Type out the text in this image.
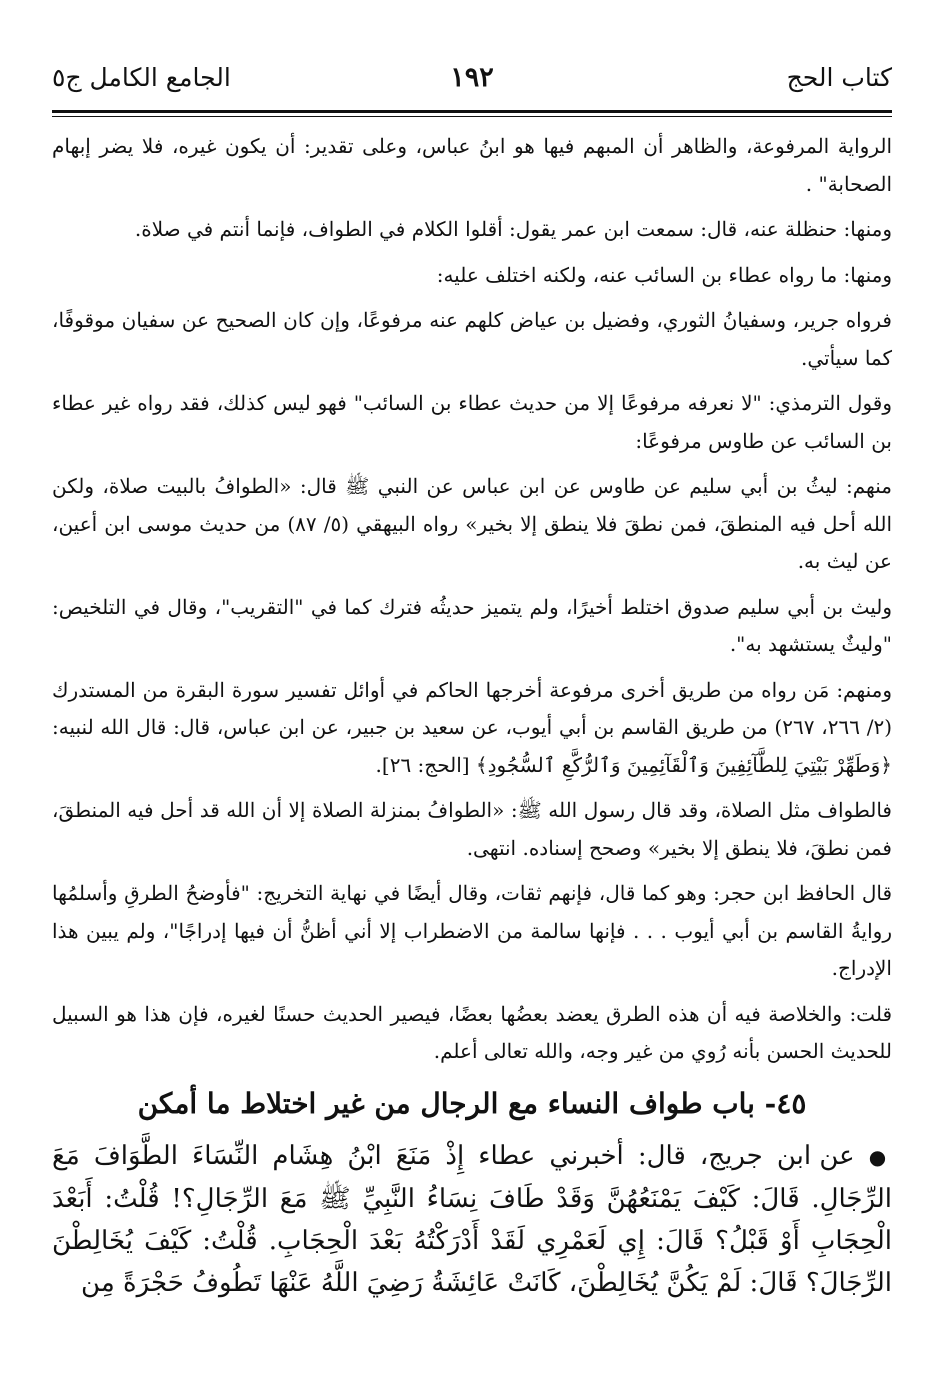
كتاب الحج
١٩٢
الجامع الكامل ج٥

الرواية المرفوعة، والظاهر أن المبهم فيها هو ابنُ عباس، وعلى تقدير: أن يكون غيره، فلا يضر إبهام الصحابة" .

ومنها: حنظلة عنه، قال: سمعت ابن عمر يقول: أقلوا الكلام في الطواف، فإنما أنتم في صلاة.

ومنها: ما رواه عطاء بن السائب عنه، ولكنه اختلف عليه:

فرواه جرير، وسفيانُ الثوري، وفضيل بن عياض كلهم عنه مرفوعًا، وإن كان الصحيح عن سفيان موقوفًا، كما سيأتي.

وقول الترمذي: "لا نعرفه مرفوعًا إلا من حديث عطاء بن السائب" فهو ليس كذلك، فقد رواه غير عطاء بن السائب عن طاوس مرفوعًا:

منهم: ليثُ بن أبي سليم عن طاوس عن ابن عباس عن النبي ﷺ قال: «الطوافُ بالبيت صلاة، ولكن الله أحل فيه المنطقَ، فمن نطقَ فلا ينطق إلا بخير» رواه البيهقي (٥/ ٨٧) من حديث موسى ابن أعين، عن ليث به.

وليث بن أبي سليم صدوق اختلط أخيرًا، ولم يتميز حديثُه فترك كما في "التقريب"، وقال في التلخيص: "وليثٌ يستشهد به".

ومنهم: مَن رواه من طريق أخرى مرفوعة أخرجها الحاكم في أوائل تفسير سورة البقرة من المستدرك (٢/ ٢٦٦، ٢٦٧) من طريق القاسم بن أبي أيوب، عن سعيد بن جبير، عن ابن عباس، قال: قال الله لنبيه: ﴿وَطَهِّرْ بَيْتِيَ لِلطَّآئِفِينَ وَٱلْقَآئِمِينَ وَٱلرُّكَّعِ ٱلسُّجُودِ﴾ [الحج: ٢٦].

فالطواف مثل الصلاة، وقد قال رسول الله ﷺ: «الطوافُ بمنزلة الصلاة إلا أن الله قد أحل فيه المنطقَ، فمن نطقَ، فلا ينطق إلا بخير» وصحح إسناده. انتهى.

قال الحافظ ابن حجر: وهو كما قال، فإنهم ثقات، وقال أيضًا في نهاية التخريج: "فأوضحُ الطرقِ وأسلمُها روايةُ القاسم بن أبي أيوب . . . فإنها سالمة من الاضطراب إلا أني أظنُّ أن فيها إدراجًا"، ولم يبين هذا الإدراج.

قلت: والخلاصة فيه أن هذه الطرق يعضد بعضُها بعضًا، فيصير الحديث حسنًا لغيره، فإن هذا هو السبيل للحديث الحسن بأنه رُوي من غير وجه، والله تعالى أعلم.

٤٥- باب طواف النساء مع الرجال من غير اختلاط ما أمكن

● عن ابن جريج، قال: أخبرني عطاء إِذْ مَنَعَ ابْنُ هِشَام النِّسَاءَ الطَّوَافَ مَعَ الرِّجَالِ. قَالَ: كَيْفَ يَمْنَعُهُنَّ وَقَدْ طَافَ نِسَاءُ النَّبِيِّ ﷺ مَعَ الرِّجَالِ؟! قُلْتُ: أَبَعْدَ الْحِجَابِ أَوْ قَبْلُ؟ قَالَ: إِي لَعَمْرِي لَقَدْ أَدْرَكْتُهُ بَعْدَ الْحِجَابِ. قُلْتُ: كَيْفَ يُخَالِطْنَ الرِّجَالَ؟ قَالَ: لَمْ يَكُنَّ يُخَالِطْنَ، كَانَتْ عَائِشَةُ رَضِيَ اللَّهُ عَنْهَا تَطُوفُ حَجْرَةً مِن
